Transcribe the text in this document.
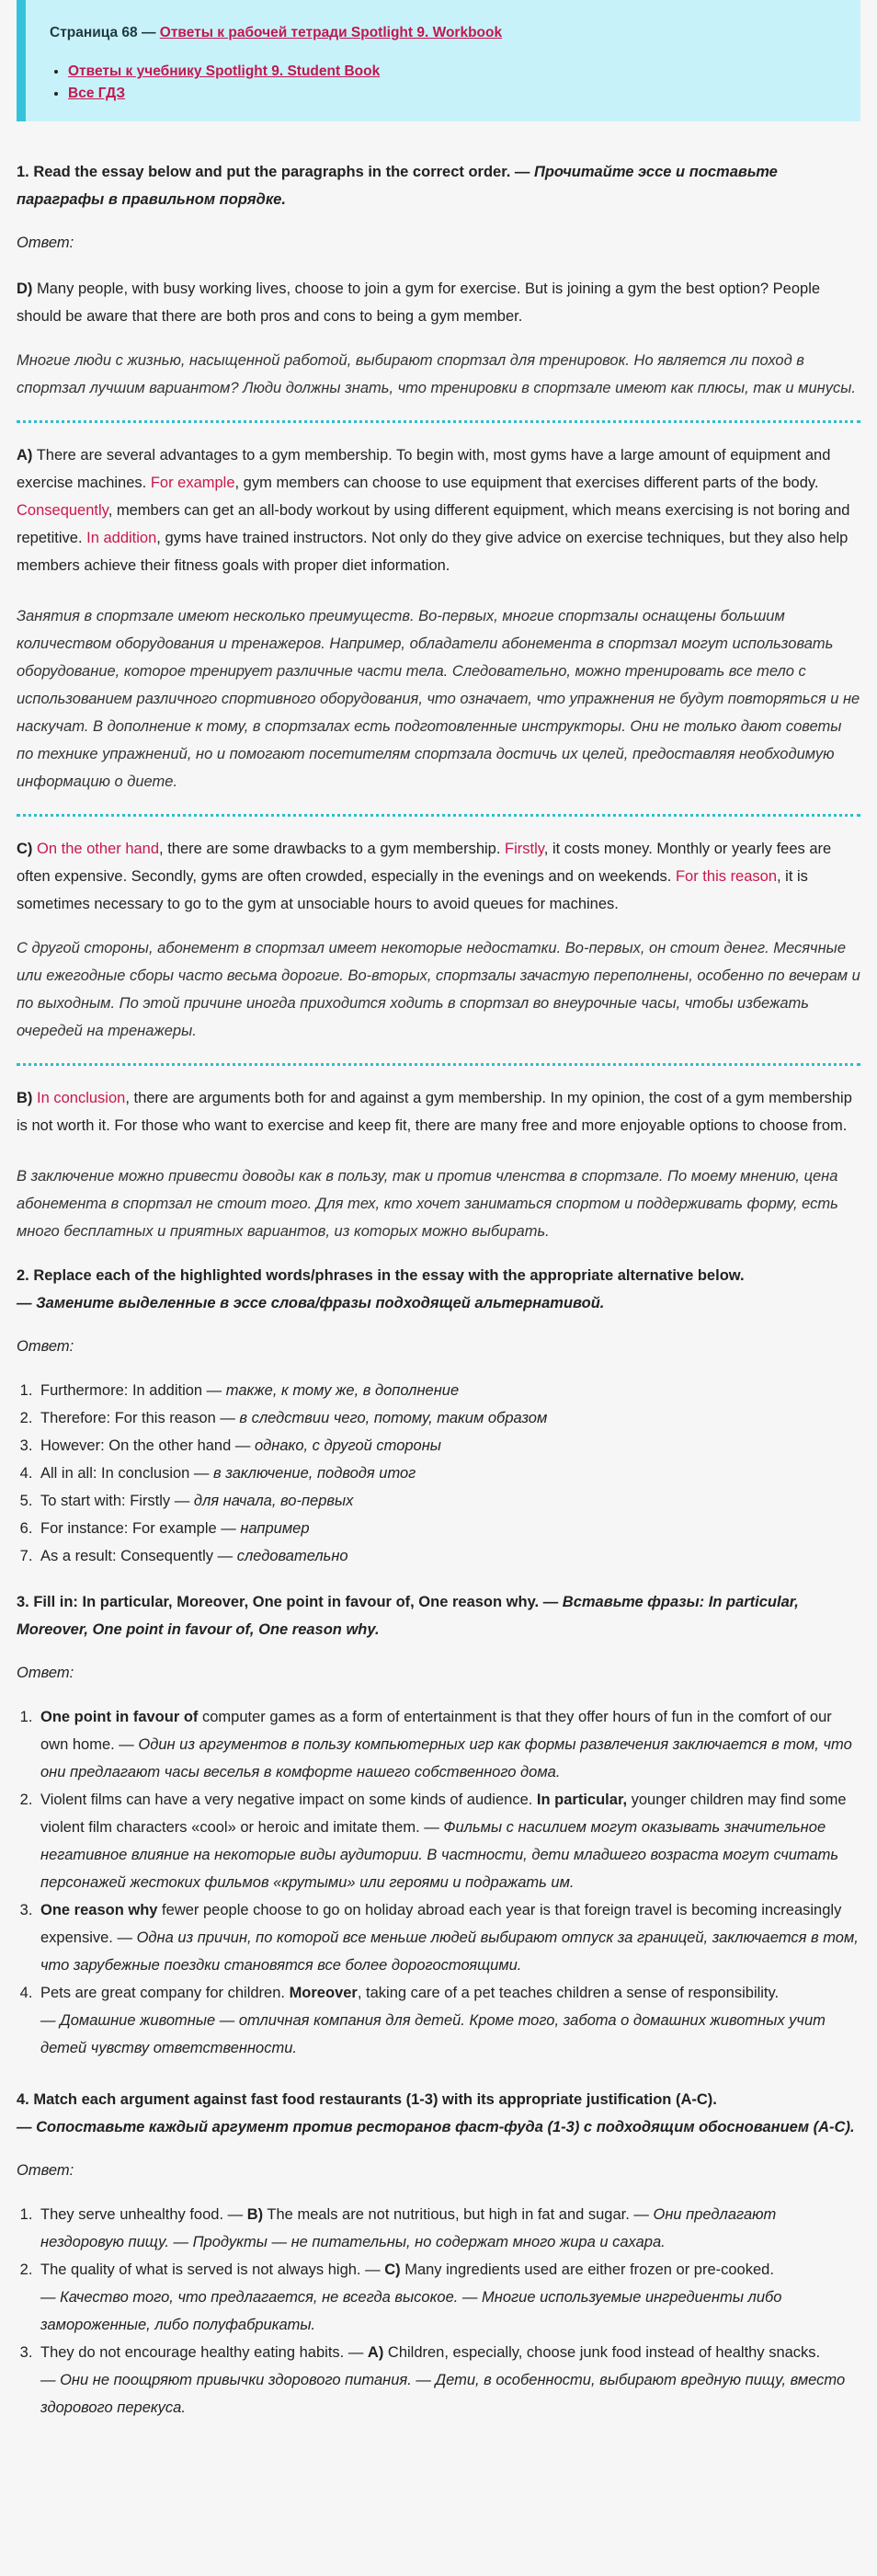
Страница 68 — Ответы к рабочей тетради Spotlight 9. Workbook
• Ответы к учебнику Spotlight 9. Student Book
• Все ГДЗ

1. Read the essay below and put the paragraphs in the correct order. — Прочитайте эссе и поставьте параграфы в правильном порядке.

Ответ:

D) Many people, with busy working lives, choose to join a gym for exercise. But is joining a gym the best option? People should be aware that there are both pros and cons to being a gym member.

Многие люди с жизнью, насыщенной работой, выбирают спортзал для тренировок. Но является ли поход в спортзал лучшим вариантом? Люди должны знать, что тренировки в спортзале имеют как плюсы, так и минусы.

A) There are several advantages to a gym membership. To begin with, most gyms have a large amount of equipment and exercise machines. For example, gym members can choose to use equipment that exercises different parts of the body. Consequently, members can get an all-body workout by using different equipment, which means exercising is not boring and repetitive. In addition, gyms have trained instructors. Not only do they give advice on exercise techniques, but they also help members achieve their fitness goals with proper diet information.

Занятия в спортзале имеют несколько преимуществ. Во-первых, многие спортзалы оснащены большим количеством оборудования и тренажеров. Например, обладатели абонемента в спортзал могут использовать оборудование, которое тренирует различные части тела. Следовательно, можно тренировать все тело с использованием различного спортивного оборудования, что означает, что упражнения не будут повторяться и не наскучат. В дополнение к тому, в спортзалах есть подготовленные инструкторы. Они не только дают советы по технике упражнений, но и помогают посетителям спортзала достичь их целей, предоставляя необходимую информацию о диете.

C) On the other hand, there are some drawbacks to a gym membership. Firstly, it costs money. Monthly or yearly fees are often expensive. Secondly, gyms are often crowded, especially in the evenings and on weekends. For this reason, it is sometimes necessary to go to the gym at unsociable hours to avoid queues for machines.

С другой стороны, абонемент в спортзал имеет некоторые недостатки. Во-первых, он стоит денег. Месячные или ежегодные сборы часто весьма дорогие. Во-вторых, спортзалы зачастую переполнены, особенно по вечерам и по выходным. По этой причине иногда приходится ходить в спортзал во внеурочные часы, чтобы избежать очередей на тренажеры.

B) In conclusion, there are arguments both for and against a gym membership. In my opinion, the cost of a gym membership is not worth it. For those who want to exercise and keep fit, there are many free and more enjoyable options to choose from.

В заключение можно привести доводы как в пользу, так и против членства в спортзале. По моему мнению, цена абонемента в спортзал не стоит того. Для тех, кто хочет заниматься спортом и поддерживать форму, есть много бесплатных и приятных вариантов, из которых можно выбирать.

2. Replace each of the highlighted words/phrases in the essay with the appropriate alternative below.
— Замените выделенные в эссе слова/фразы подходящей альтернативой.

Ответ:

1. Furthermore: In addition — также, к тому же, в дополнение
2. Therefore: For this reason — в следствии чего, потому, таким образом
3. However: On the other hand — однако, с другой стороны
4. All in all: In conclusion — в заключение, подводя итог
5. To start with: Firstly — для начала, во-первых
6. For instance: For example — например
7. As a result: Consequently — следовательно

3. Fill in: In particular, Moreover, One point in favour of, One reason why. — Вставьте фразы: In particular, Moreover, One point in favour of, One reason why.

Ответ:

1. One point in favour of computer games as a form of entertainment is that they offer hours of fun in the comfort of our own home. — Один из аргументов в пользу компьютерных игр как формы развлечения заключается в том, что они предлагают часы веселья в комфорте нашего собственного дома.
2. Violent films can have a very negative impact on some kinds of audience. In particular, younger children may find some violent film characters «cool» or heroic and imitate them. — Фильмы с насилием могут оказывать значительное негативное влияние на некоторые виды аудитории. В частности, дети младшего возраста могут считать персонажей жестоких фильмов «крутыми» или героями и подражать им.
3. One reason why fewer people choose to go on holiday abroad each year is that foreign travel is becoming increasingly expensive. — Одна из причин, по которой все меньше людей выбирают отпуск за границей, заключается в том, что зарубежные поездки становятся все более дорогостоящими.
4. Pets are great company for children. Moreover, taking care of a pet teaches children a sense of responsibility.
— Домашние животные — отличная компания для детей. Кроме того, забота о домашних животных учит детей чувству ответственности.

4. Match each argument against fast food restaurants (1-3) with its appropriate justification (A-C).
— Сопоставьте каждый аргумент против ресторанов фаст-фуда (1-3) с подходящим обоснованием (A-C).

Ответ:

1. They serve unhealthy food. — B) The meals are not nutritious, but high in fat and sugar. — Они предлагают нездоровую пищу. — Продукты — не питательны, но содержат много жира и сахара.
2. The quality of what is served is not always high. — C) Many ingredients used are either frozen or pre-cooked.
— Качество того, что предлагается, не всегда высокое. — Многие используемые ингредиенты либо замороженные, либо полуфабрикаты.
3. They do not encourage healthy eating habits. — A) Children, especially, choose junk food instead of healthy snacks.
— Они не поощряют привычки здорового питания. — Дети, в особенности, выбирают вредную пищу, вместо здорового перекуса.
